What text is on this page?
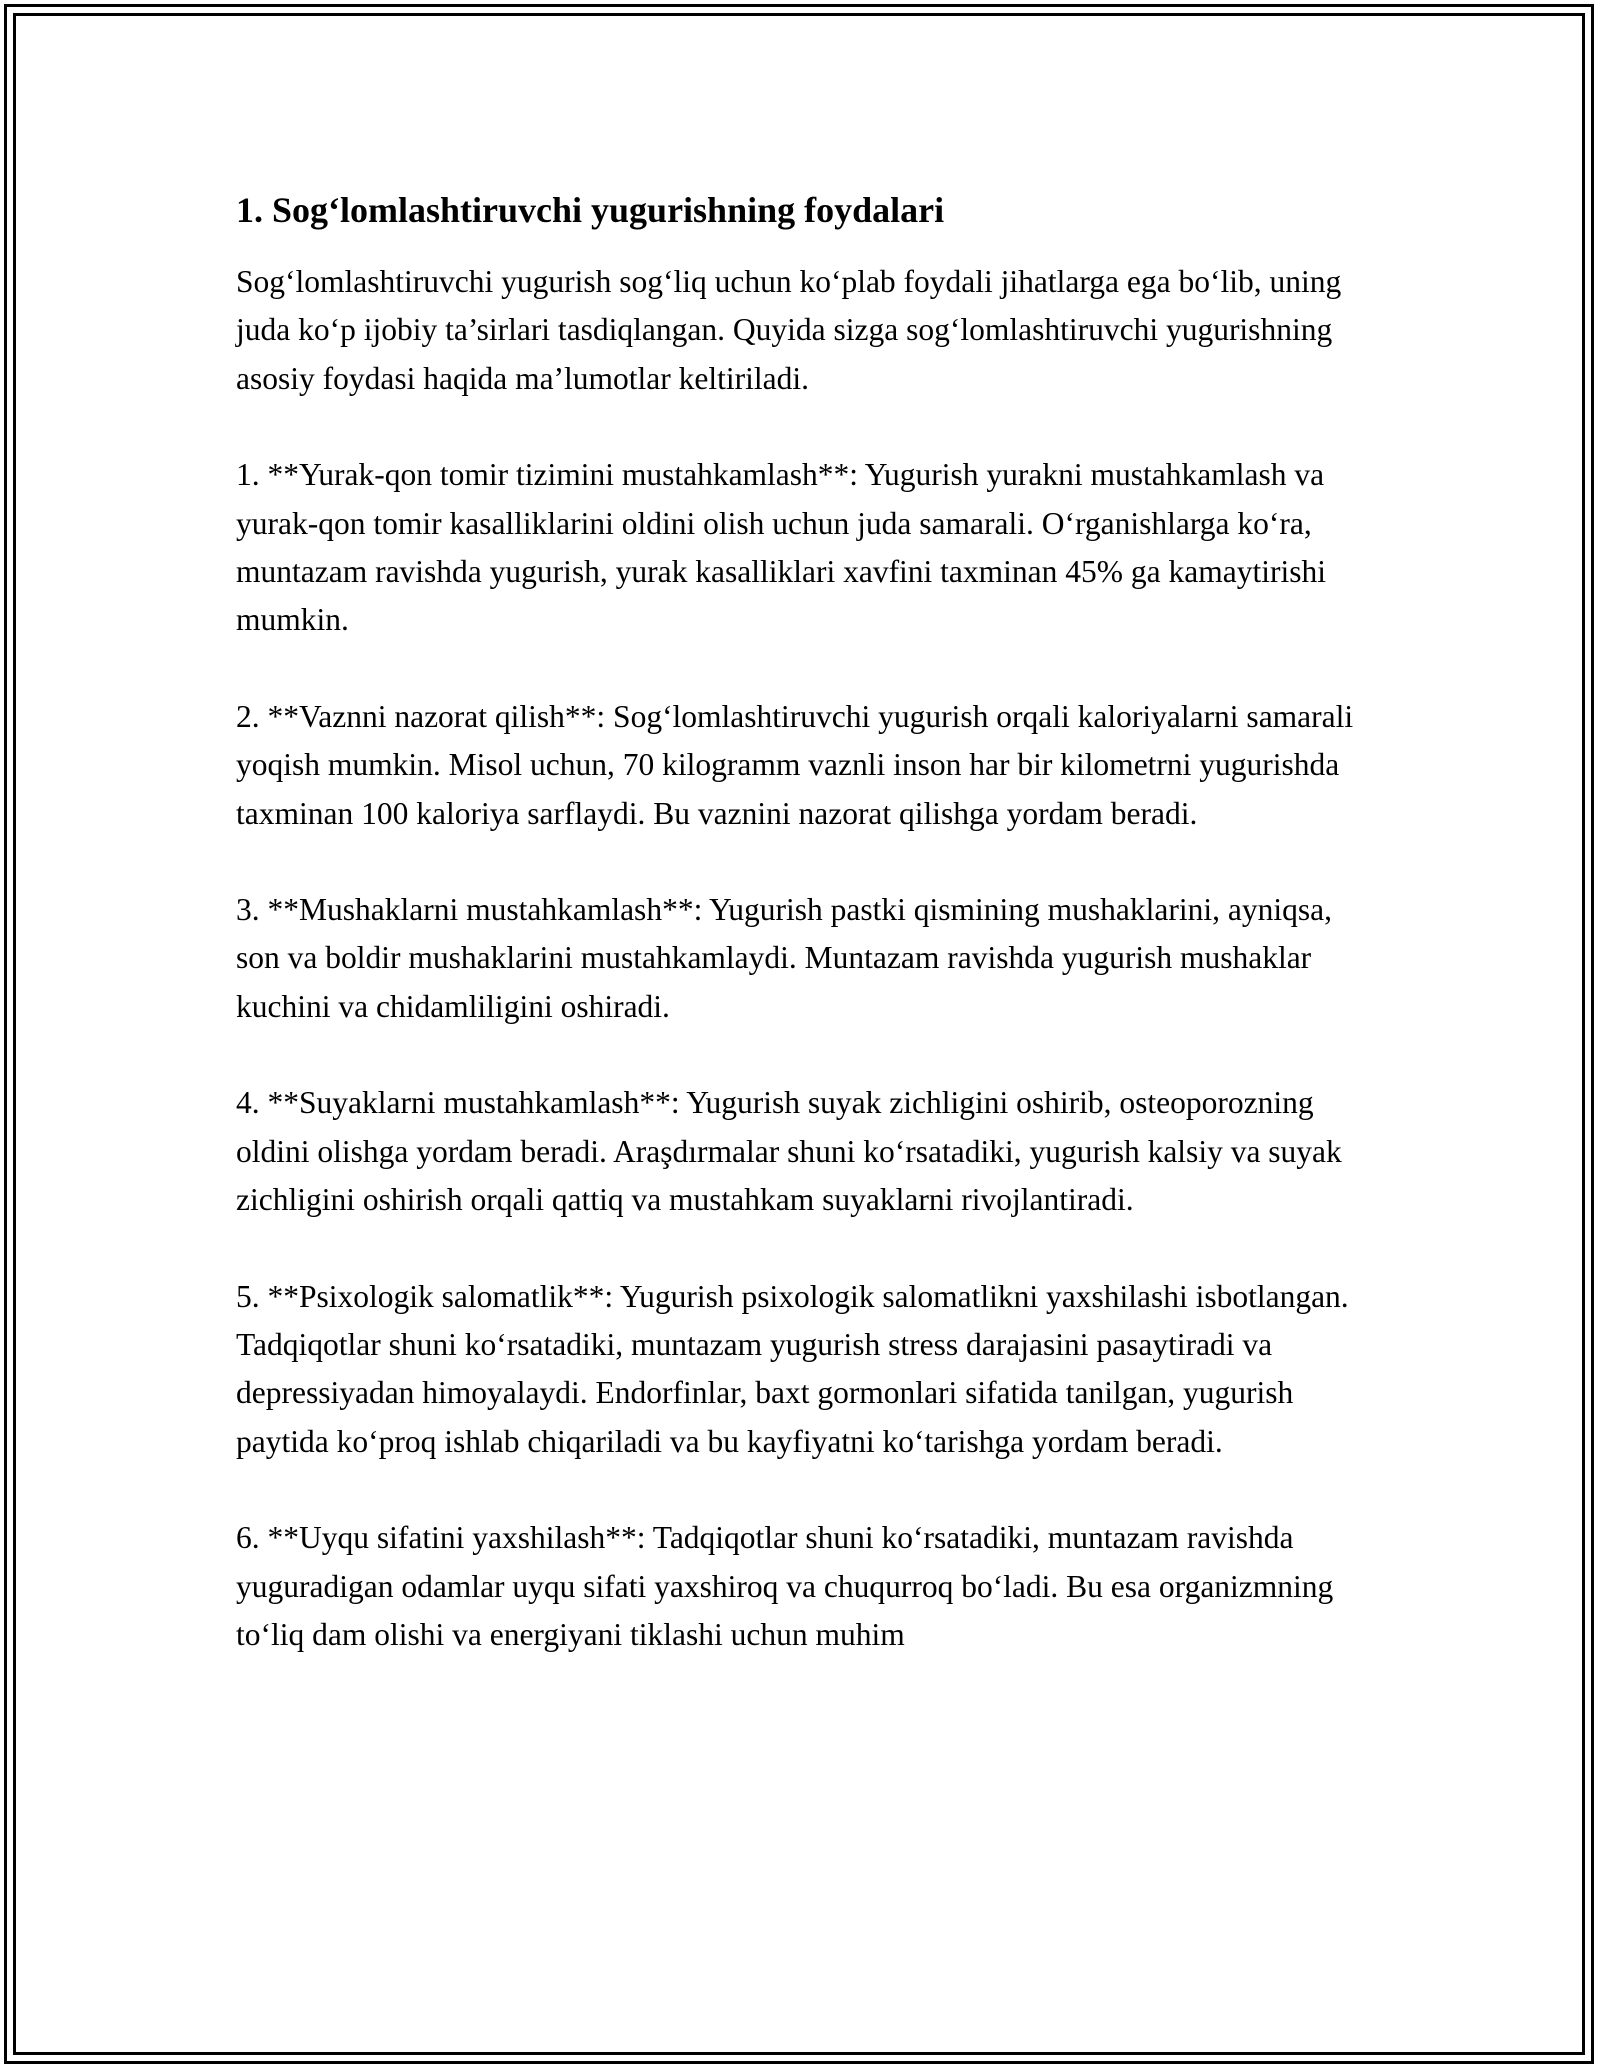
1. Sog‘lomlashtiruvchi yugurishning foydalari

Sog‘lomlashtiruvchi yugurish sog‘liq uchun ko‘plab foydali jihatlarga ega bo‘lib, uning juda ko‘p ijobiy ta’sirlari tasdiqlangan. Quyida sizga sog‘lomlashtiruvchi yugurishning asosiy foydasi haqida ma’lumotlar keltiriladi.

1. **Yurak-qon tomir tizimini mustahkamlash**: Yugurish yurakni mustahkamlash va yurak-qon tomir kasalliklarini oldini olish uchun juda samarali. O‘rganishlarga ko‘ra, muntazam ravishda yugurish, yurak kasalliklari xavfini taxminan 45% ga kamaytirishi mumkin.

2. **Vaznni nazorat qilish**: Sog‘lomlashtiruvchi yugurish orqali kaloriyalarni samarali yoqish mumkin. Misol uchun, 70 kilogramm vaznli inson har bir kilometrni yugurishda taxminan 100 kaloriya sarflaydi. Bu vaznini nazorat qilishga yordam beradi.

3. **Mushaklarni mustahkamlash**: Yugurish pastki qismining mushaklarini, ayniqsa, son va boldir mushaklarini mustahkamlaydi. Muntazam ravishda yugurish mushaklar kuchini va chidamliligini oshiradi.

4. **Suyaklarni mustahkamlash**: Yugurish suyak zichligini oshirib, osteoporozning oldini olishga yordam beradi. Araşdırmalar shuni ko‘rsatadiki, yugurish kalsiy va suyak zichligini oshirish orqali qattiq va mustahkam suyaklarni rivojlantiradi.

5. **Psixologik salomatlik**: Yugurish psixologik salomatlikni yaxshilashi isbotlangan. Tadqiqotlar shuni ko‘rsatadiki, muntazam yugurish stress darajasini pasaytiradi va depressiyadan himoyalaydi. Endorfinlar, baxt gormonlari sifatida tanilgan, yugurish paytida ko‘proq ishlab chiqariladi va bu kayfiyatni ko‘tarishga yordam beradi.

6. **Uyqu sifatini yaxshilash**: Tadqiqotlar shuni ko‘rsatadiki, muntazam ravishda yuguradigan odamlar uyqu sifati yaxshiroq va chuqurroq bo‘ladi. Bu esa organizmning to‘liq dam olishi va energiyani tiklashi uchun muhim
